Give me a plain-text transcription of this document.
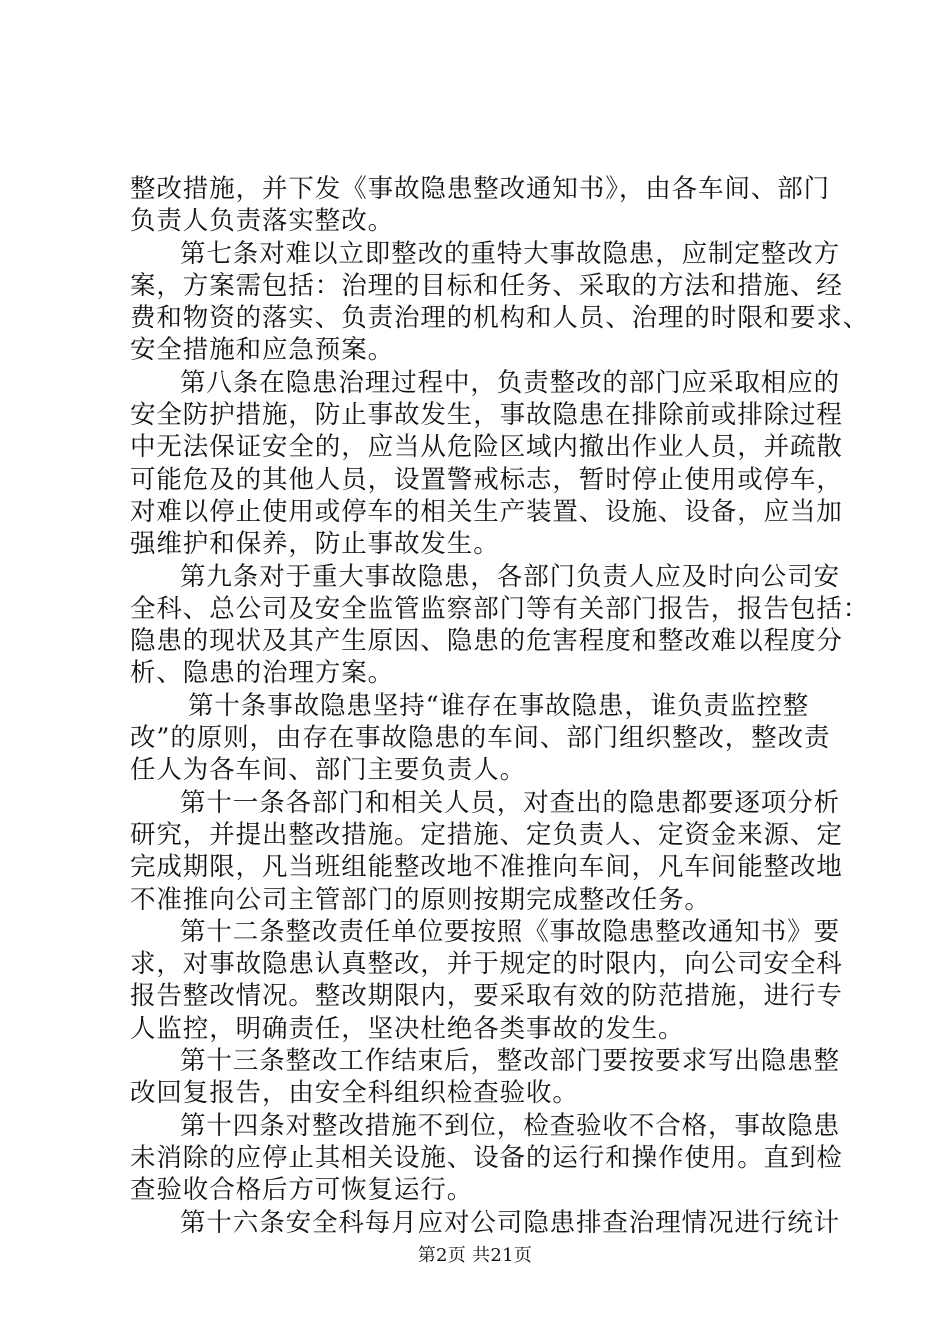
整改措施，并下发《事故隐患整改通知书》，由各车间、部门
负责人负责落实整改。
第七条对难以立即整改的重特大事故隐患，应制定整改方
案，方案需包括：治理的目标和任务、采取的方法和措施、经
费和物资的落实、负责治理的机构和人员、治理的时限和要求、
安全措施和应急预案。
第八条在隐患治理过程中，负责整改的部门应采取相应的
安全防护措施，防止事故发生，事故隐患在排除前或排除过程
中无法保证安全的，应当从危险区域内撤出作业人员，并疏散
可能危及的其他人员，设置警戒标志，暂时停止使用或停车，
对难以停止使用或停车的相关生产装置、设施、设备，应当加
强维护和保养，防止事故发生。
第九条对于重大事故隐患，各部门负责人应及时向公司安
全科、总公司及安全监管监察部门等有关部门报告，报告包括：
隐患的现状及其产生原因、隐患的危害程度和整改难以程度分
析、隐患的治理方案。
第十条事故隐患坚持“谁存在事故隐患，谁负责监控整
改”的原则，由存在事故隐患的车间、部门组织整改，整改责
任人为各车间、部门主要负责人。
第十一条各部门和相关人员，对查出的隐患都要逐项分析
研究，并提出整改措施。定措施、定负责人、定资金来源、定
完成期限，凡当班组能整改地不准推向车间，凡车间能整改地
不准推向公司主管部门的原则按期完成整改任务。
第十二条整改责任单位要按照《事故隐患整改通知书》要
求，对事故隐患认真整改，并于规定的时限内，向公司安全科
报告整改情况。整改期限内，要采取有效的防范措施，进行专
人监控，明确责任，坚决杜绝各类事故的发生。
第十三条整改工作结束后，整改部门要按要求写出隐患整
改回复报告，由安全科组织检查验收。
第十四条对整改措施不到位，检查验收不合格，事故隐患
未消除的应停止其相关设施、设备的运行和操作使用。直到检
查验收合格后方可恢复运行。
第十六条安全科每月应对公司隐患排查治理情况进行统计
第2页 共21页
